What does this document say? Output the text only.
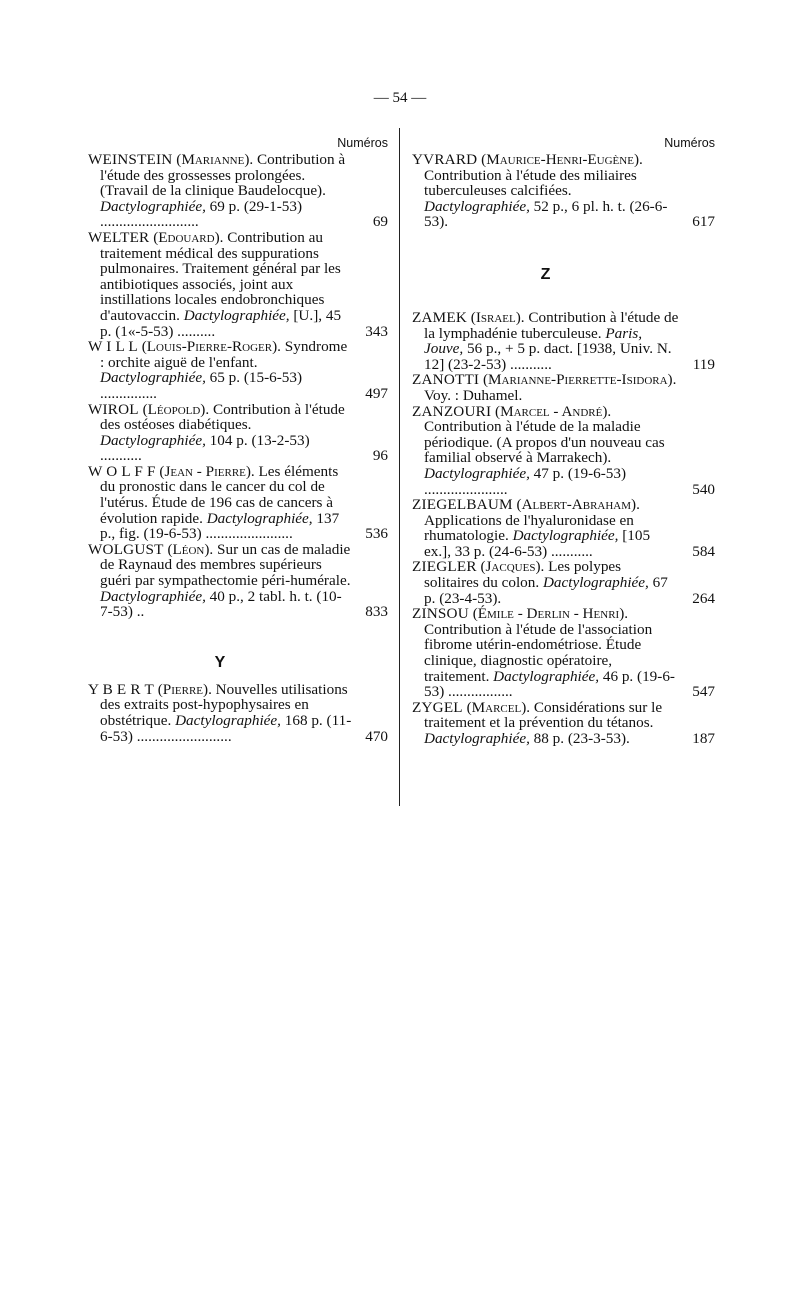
— 54 —
Numéros
WEINSTEIN (Marianne). Contribution à l'étude des grossesses prolongées. (Travail de la clinique Baudelocque). Dactylographiée, 69 p. (29-1-53) ..........................	69
WELTER (Edouard). Contribution au traitement médical des suppurations pulmonaires. Traitement général par les antibiotiques associés, joint aux instillations locales endobronchiques d'autovaccin. Dactylographiée, [U.], 45 p. (1«-5-53) ..........	343
W I L L (Louis-Pierre-Roger). Syndrome : orchite aiguë de l'enfant. Dactylographiée, 65 p. (15-6-53) ...............	497
WIROL (Léopold). Contribution à l'étude des ostéoses diabétiques. Dactylographiée, 104 p. (13-2-53) ...........	96
W O L F F (Jean - Pierre). Les éléments du pronostic dans le cancer du col de l'utérus. Étude de 196 cas de cancers à évolution rapide. Dactylographiée, 137 p., fig. (19-6-53) .......................	536
WOLGUST (Léon). Sur un cas de maladie de Raynaud des membres supérieurs guéri par sympathectomie péri-humérale. Dactylographiée, 40 p., 2 tabl. h. t. (10-7-53) ..	833
Y
Y B E R T (Pierre). Nouvelles utilisations des extraits post-hypophysaires en obstétrique. Dactylographiée, 168 p. (11-6-53) .........................	470
Numéros
YVRARD (Maurice-Henri-Eugène). Contribution à l'étude des miliaires tuberculeuses calcifiées. Dactylographiée, 52 p., 6 pl. h. t. (26-6-53).	617
Z
ZAMEK (Israel). Contribution à l'étude de la lymphadénie tuberculeuse. Paris, Jouve, 56 p., + 5 p. dact. [1938, Univ. N. 12] (23-2-53) ...........	119
ZANOTTI (Marianne-Pierrette-Isidora). Voy. : Duhamel.
ZANZOURI (Marcel - André). Contribution à l'étude de la maladie périodique. (A propos d'un nouveau cas familial observé à Marrakech). Dactylographiée, 47 p. (19-6-53) ......................	540
ZIEGELBAUM (Albert-Abraham). Applications de l'hyaluronidase en rhumatologie. Dactylographiée, [105 ex.], 33 p. (24-6-53) ...........	584
ZIEGLER (Jacques). Les polypes solitaires du colon. Dactylographiée, 67 p. (23-4-53).	264
ZINSOU (Émile - Derlin - Henri). Contribution à l'étude de l'association fibrome utérin-endométriose. Étude clinique, diagnostic opératoire, traitement. Dactylographiée, 46 p. (19-6-53) .................	547
ZYGEL (Marcel). Considérations sur le traitement et la prévention du tétanos. Dactylographiée, 88 p. (23-3-53).	187
